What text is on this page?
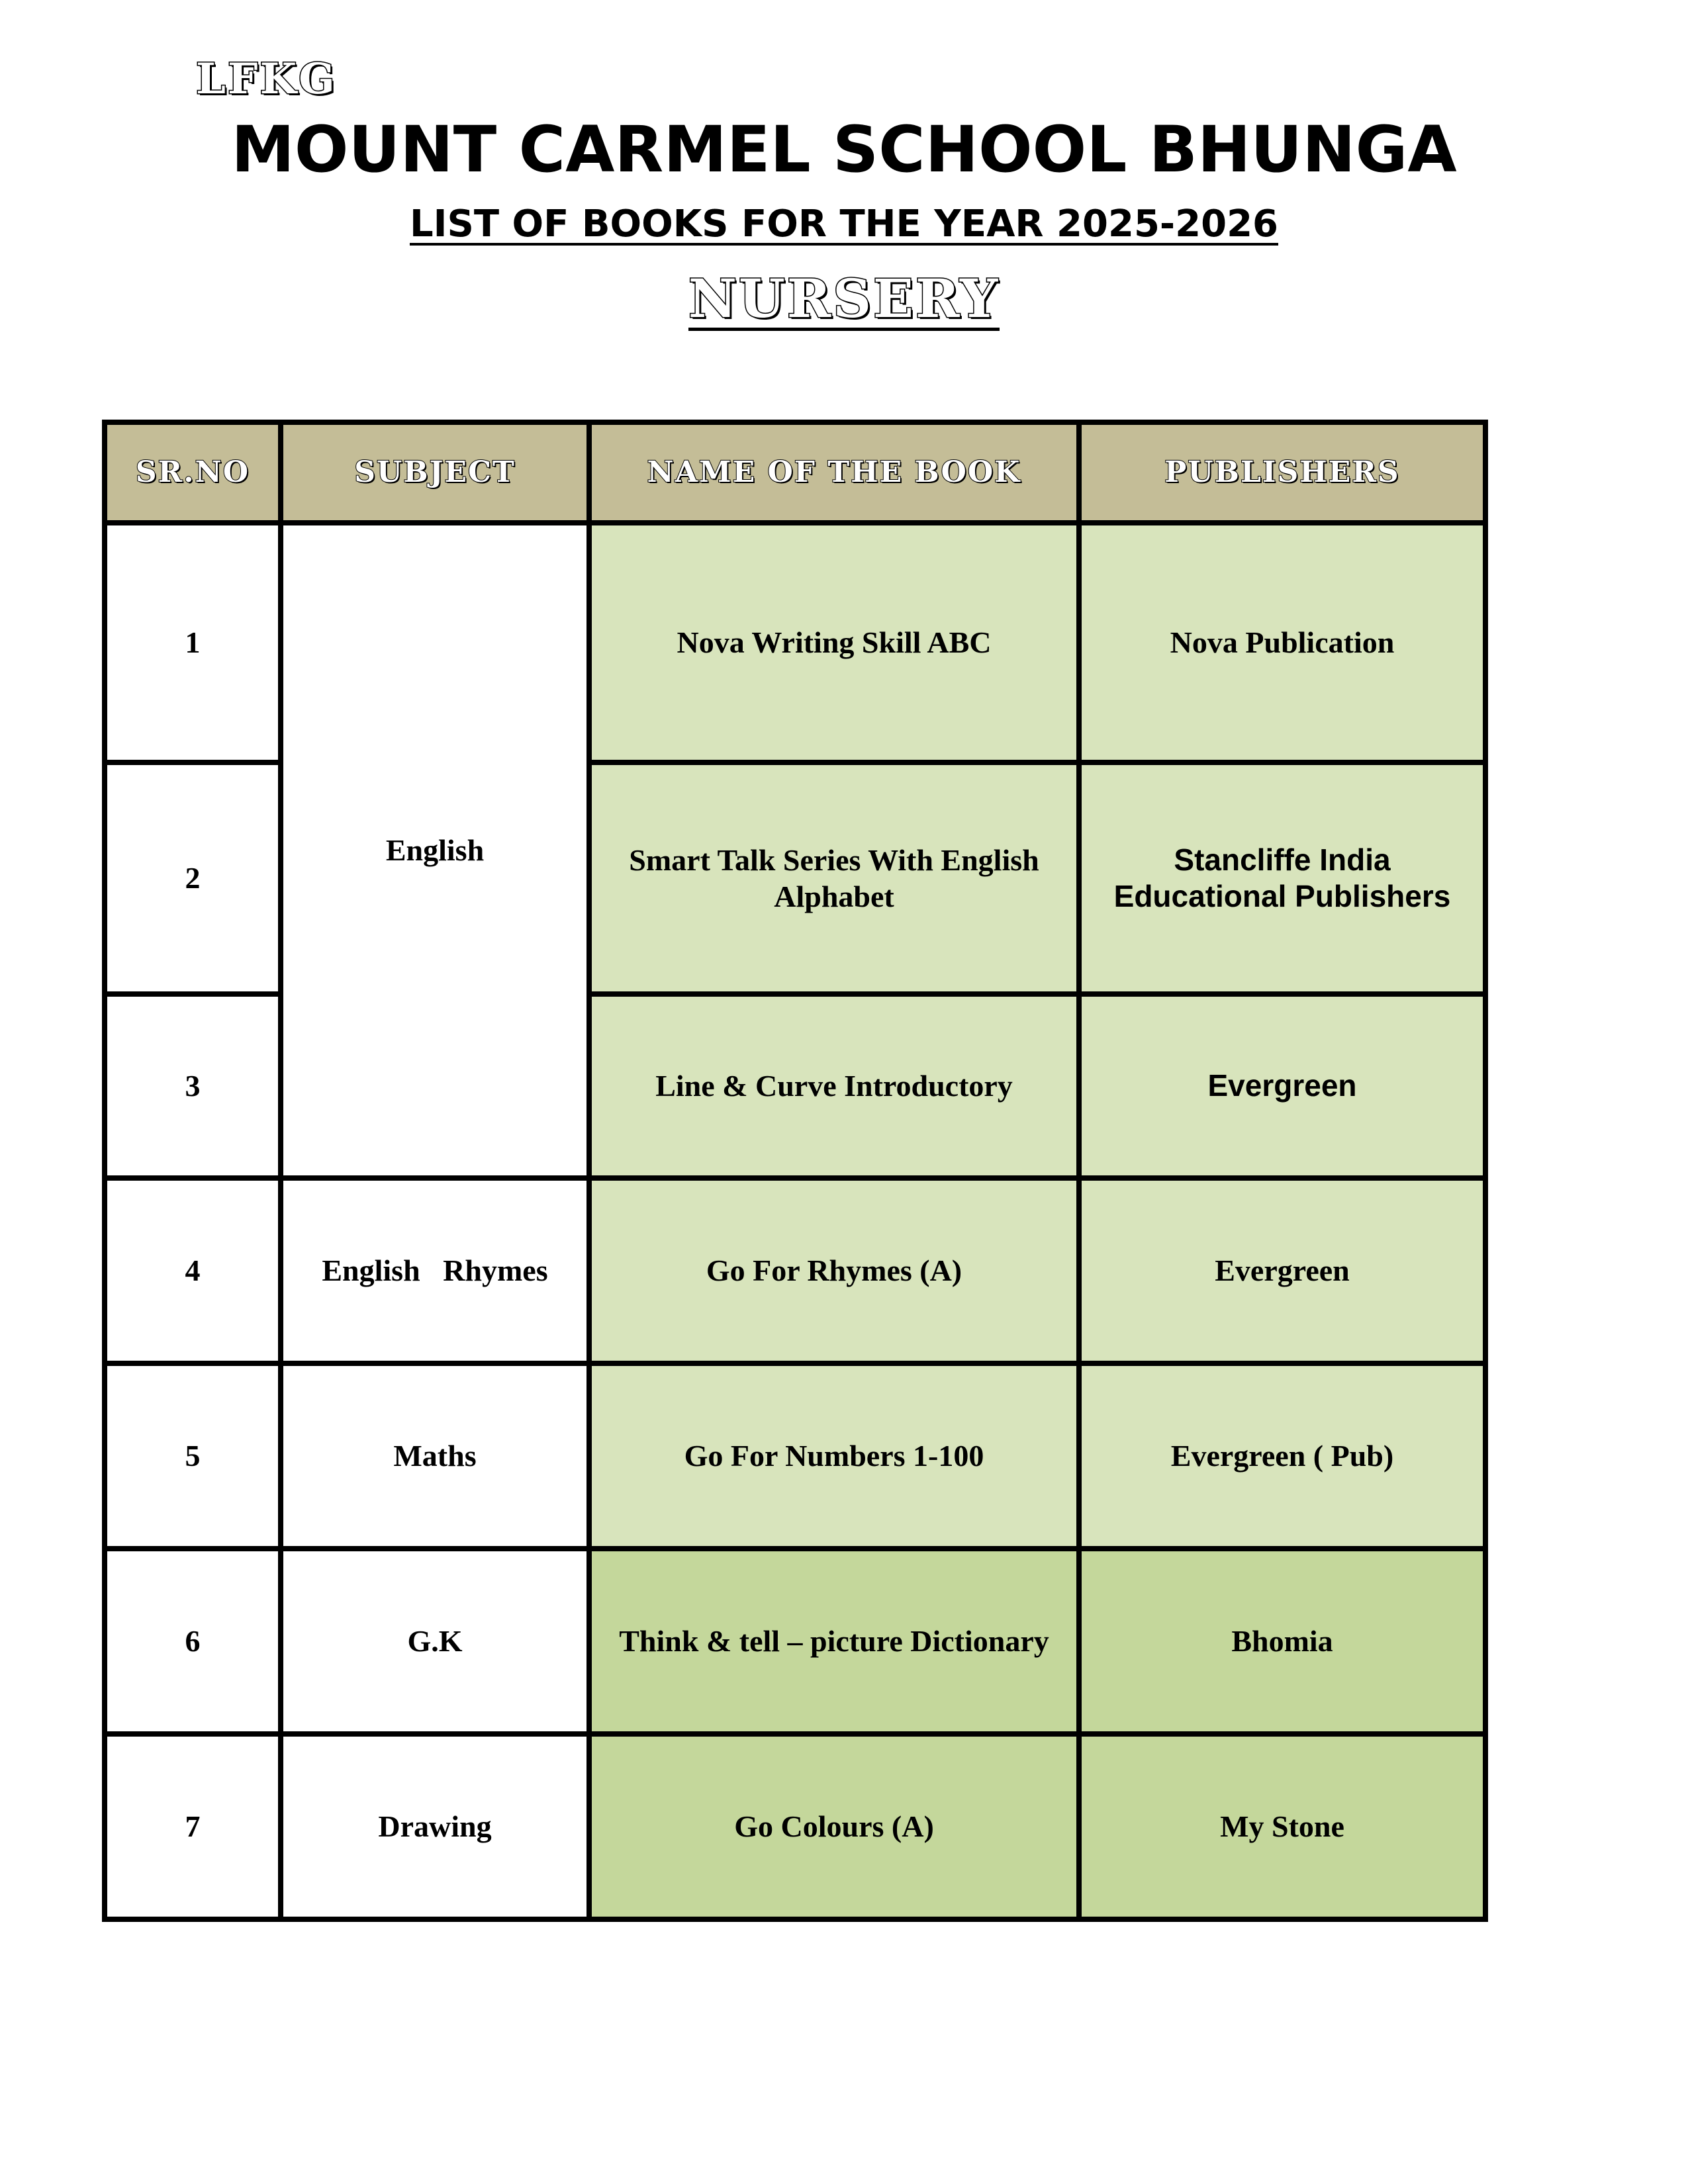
LFKG
MOUNT CARMEL SCHOOL BHUNGA
LIST OF BOOKS FOR THE YEAR 2025-2026
NURSERY
SR.NO	SUBJECT	NAME OF THE BOOK	PUBLISHERS
1	English	Nova Writing Skill ABC	Nova Publication
2		Smart Talk Series With English Alphabet	Stancliffe India
Educational Publishers

3		Line & Curve Introductory	Evergreen
4	English Rhymes	Go For Rhymes (A)	Evergreen
5	Maths	Go For Numbers 1-100	Evergreen ( Pub)
6	G.K	Think & tell – picture Dictionary	Bhomia
7	Drawing	Go Colours (A)	My Stone
